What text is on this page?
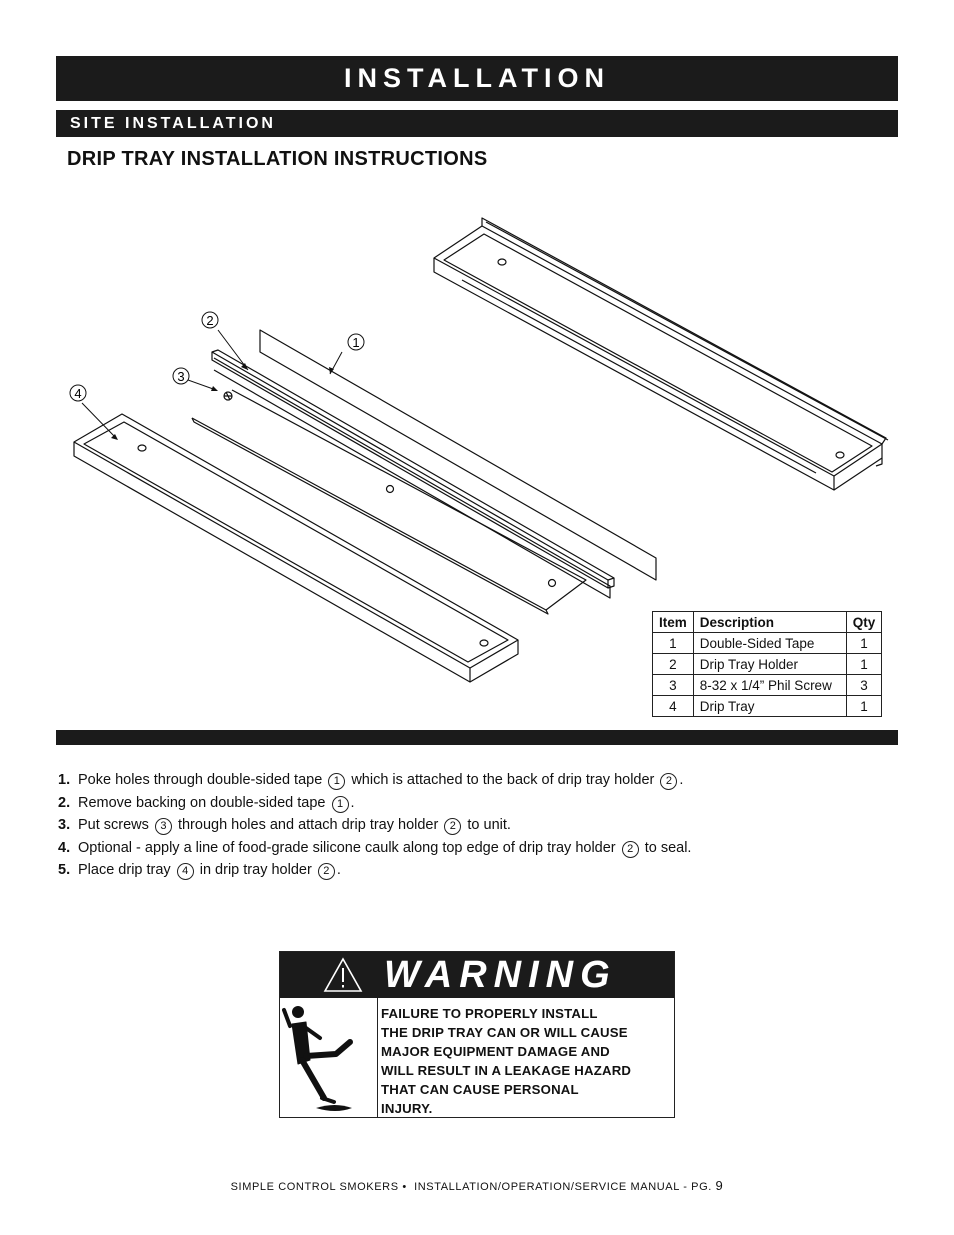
INSTALLATION
SITE INSTALLATION
DRIP TRAY INSTALLATION INSTRUCTIONS
2
1
3
4
Item	Description	Qty
1	Double-Sided Tape	1
2	Drip Tray Holder	1
3	8-32 x 1/4” Phil Screw	3
4	Drip Tray	1
1. Poke holes through double-sided tape 1 which is attached to the back of drip tray holder 2 .
2. Remove backing on double-sided tape 1 .
3. Put screws 3 through holes and attach drip tray holder 2 to unit.
4. Optional - apply a line of food-grade silicone caulk along top edge of drip tray holder 2 to seal.
5. Place drip tray 4 in drip tray holder 2 .
WARNING
FAILURE TO PROPERLY INSTALL
THE DRIP TRAY CAN OR WILL CAUSE
MAJOR EQUIPMENT DAMAGE AND
WILL RESULT IN A LEAKAGE HAZARD
THAT CAN CAUSE PERSONAL
INJURY.
SIMPLE CONTROL SMOKERS • INSTALLATION/OPERATION/SERVICE MANUAL - PG. 9
